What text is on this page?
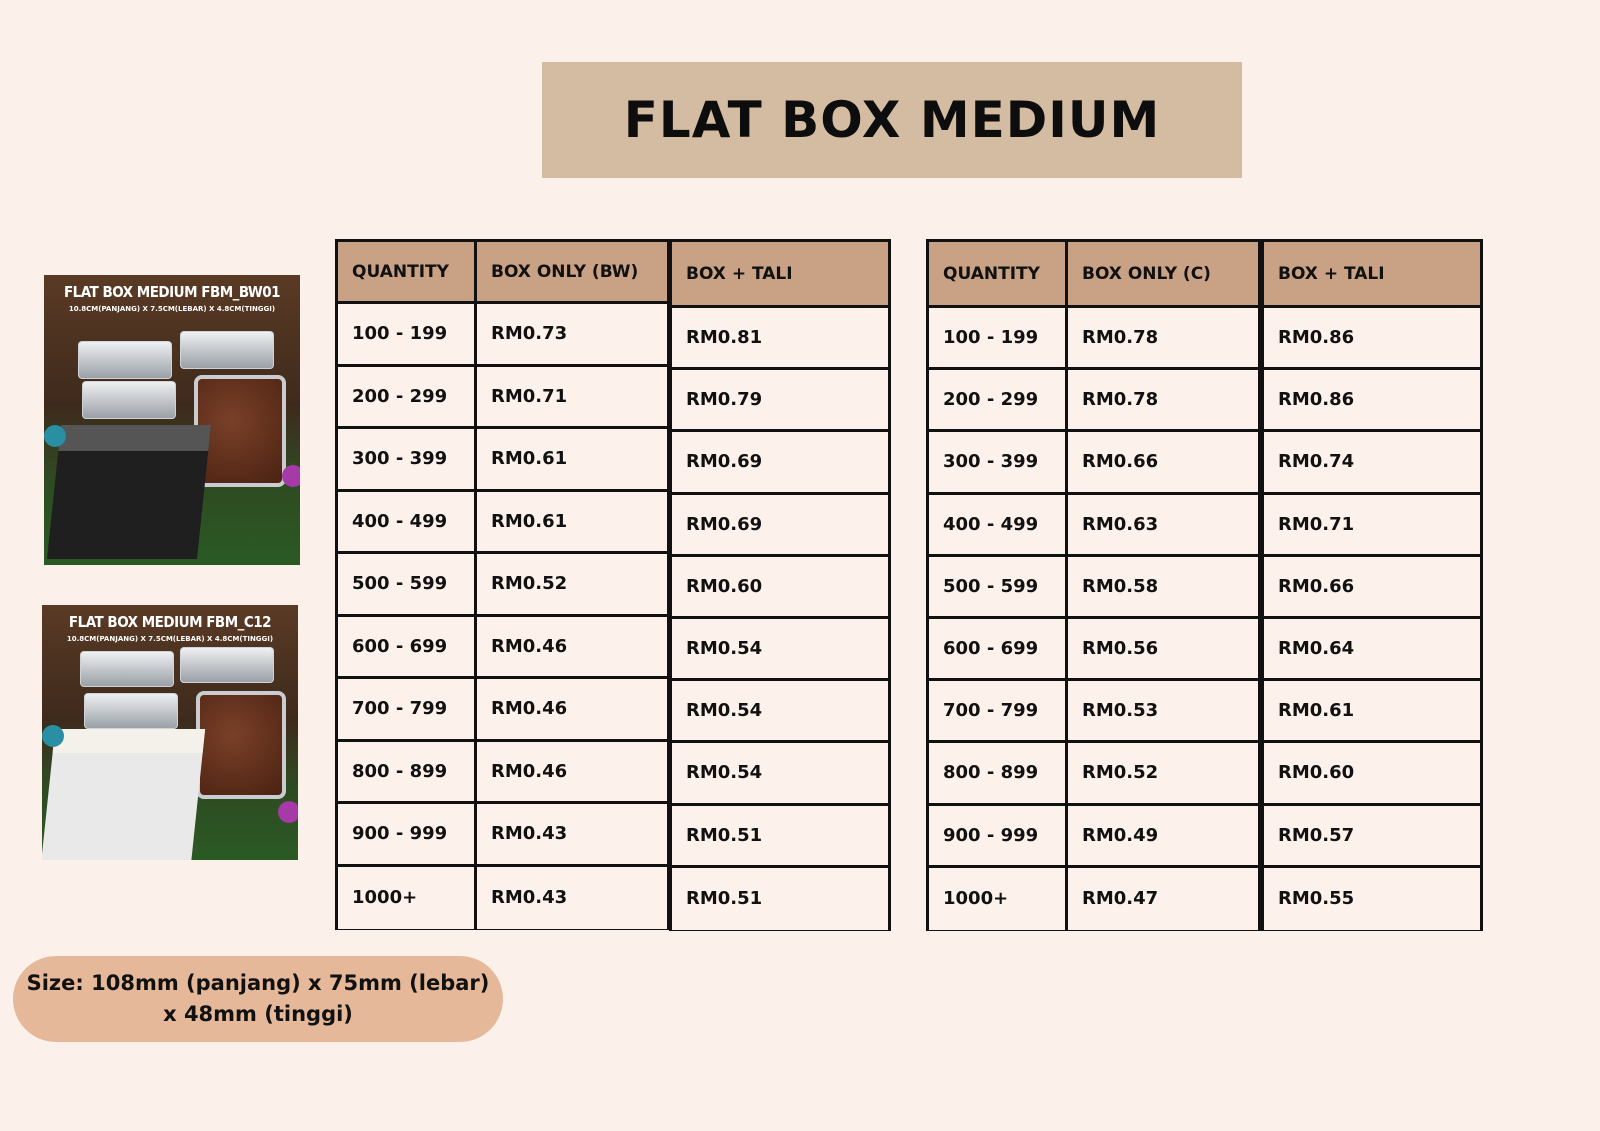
FLAT BOX MEDIUM
FLAT BOX MEDIUM FBM_BW01
10.8CM(PANJANG) X 7.5CM(LEBAR) X 4.8CM(TINGGI)
FLAT BOX MEDIUM FBM_C12
10.8CM(PANJANG) X 7.5CM(LEBAR) X 4.8CM(TINGGI)
QUANTITY
100 - 199
200 - 299
300 - 399
400 - 499
500 - 599
600 - 699
700 - 799
800 - 899
900 - 999
1000+
BOX ONLY (BW)
RM0.73
RM0.71
RM0.61
RM0.61
RM0.52
RM0.46
RM0.46
RM0.46
RM0.43
RM0.43
BOX + TALI
RM0.81
RM0.79
RM0.69
RM0.69
RM0.60
RM0.54
RM0.54
RM0.54
RM0.51
RM0.51
QUANTITY
100 - 199
200 - 299
300 - 399
400 - 499
500 - 599
600 - 699
700 - 799
800 - 899
900 - 999
1000+
BOX ONLY (C)
RM0.78
RM0.78
RM0.66
RM0.63
RM0.58
RM0.56
RM0.53
RM0.52
RM0.49
RM0.47
BOX + TALI
RM0.86
RM0.86
RM0.74
RM0.71
RM0.66
RM0.64
RM0.61
RM0.60
RM0.57
RM0.55
Size: 108mm (panjang) x 75mm (lebar)
x 48mm (tinggi)
